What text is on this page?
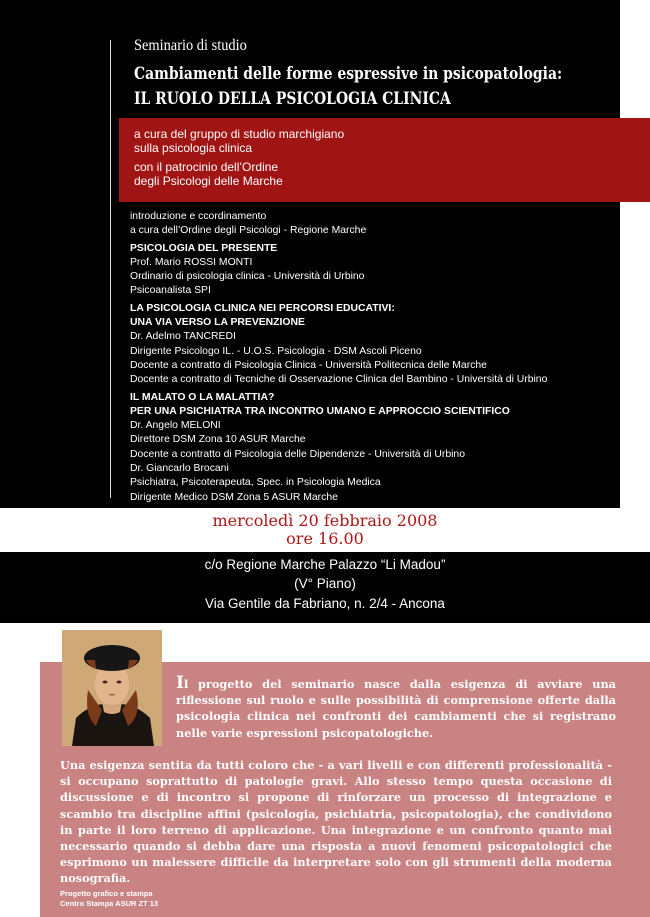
Seminario di studio
Cambiamenti delle forme espressive in psicopatologia:
IL RUOLO DELLA PSICOLOGIA CLINICA
a cura del gruppo di studio marchigiano
sulla psicologia clinica
con il patrocinio dell’Ordine
degli Psicologi delle Marche
introduzione e ccordinamento
a cura dell’Ordine degli Psicologi - Regione Marche
PSICOLOGIA DEL PRESENTE
Prof. Mario ROSSI MONTI
Ordinario di psicologia clinica - Università di Urbino
Psicoanalista SPI
LA PSICOLOGIA CLINICA NEI PERCORSI EDUCATIVI:
UNA VIA VERSO LA PREVENZIONE
Dr. Adelmo TANCREDI
Dirigente Psicologo IL. - U.O.S. Psicologia - DSM Ascoli Piceno
Docente a contratto di Psicologia Clinica - Università Politecnica delle Marche
Docente a contratto di Tecniche di Osservazione Clinica del Bambino - Università di Urbino
IL MALATO O LA MALATTIA?
PER UNA PSICHIATRA TRA INCONTRO UMANO E APPROCCIO SCIENTIFICO
Dr. Angelo MELONI
Direttore DSM Zona 10 ASUR Marche
Docente a contratto di Psicologia delle Dipendenze - Università di Urbino
Dr. Giancarlo Brocani
Psichiatra, Psicoterapeuta, Spec. in Psicologia Medica
Dirigente Medico DSM Zona 5 ASUR Marche
mercoledì 20 febbraio 2008
ore 16.00
c/o Regione Marche Palazzo “Li Madou”
(V° Piano)
Via Gentile da Fabriano, n. 2/4 - Ancona
Il progetto del seminario nasce dalla esigenza di avviare una riflessione sul ruolo e sulle possibilità di comprensione offerte dalla psicologia clinica nei confronti dei cambiamenti che si registrano nelle varie espressioni psicopatologiche.
Una esigenza sentita da tutti coloro che - a vari livelli e con differenti professionalità - si occupano soprattutto di patologie gravi. Allo stesso tempo questa occasione di discussione e di incontro si propone di rinforzare un processo di integrazione e scambio tra discipline affini (psicologia, psichiatria, psicopatologia), che condividono in parte il loro terreno di applicazione. Una integrazione e un confronto quanto mai necessario quando si debba dare una risposta a nuovi fenomeni psicopatologici che esprimono un malessere difficile da interpretare solo con gli strumenti della moderna nosografia.
Progetto grafico e stampa
Centro Stampa ASUR ZT 13
